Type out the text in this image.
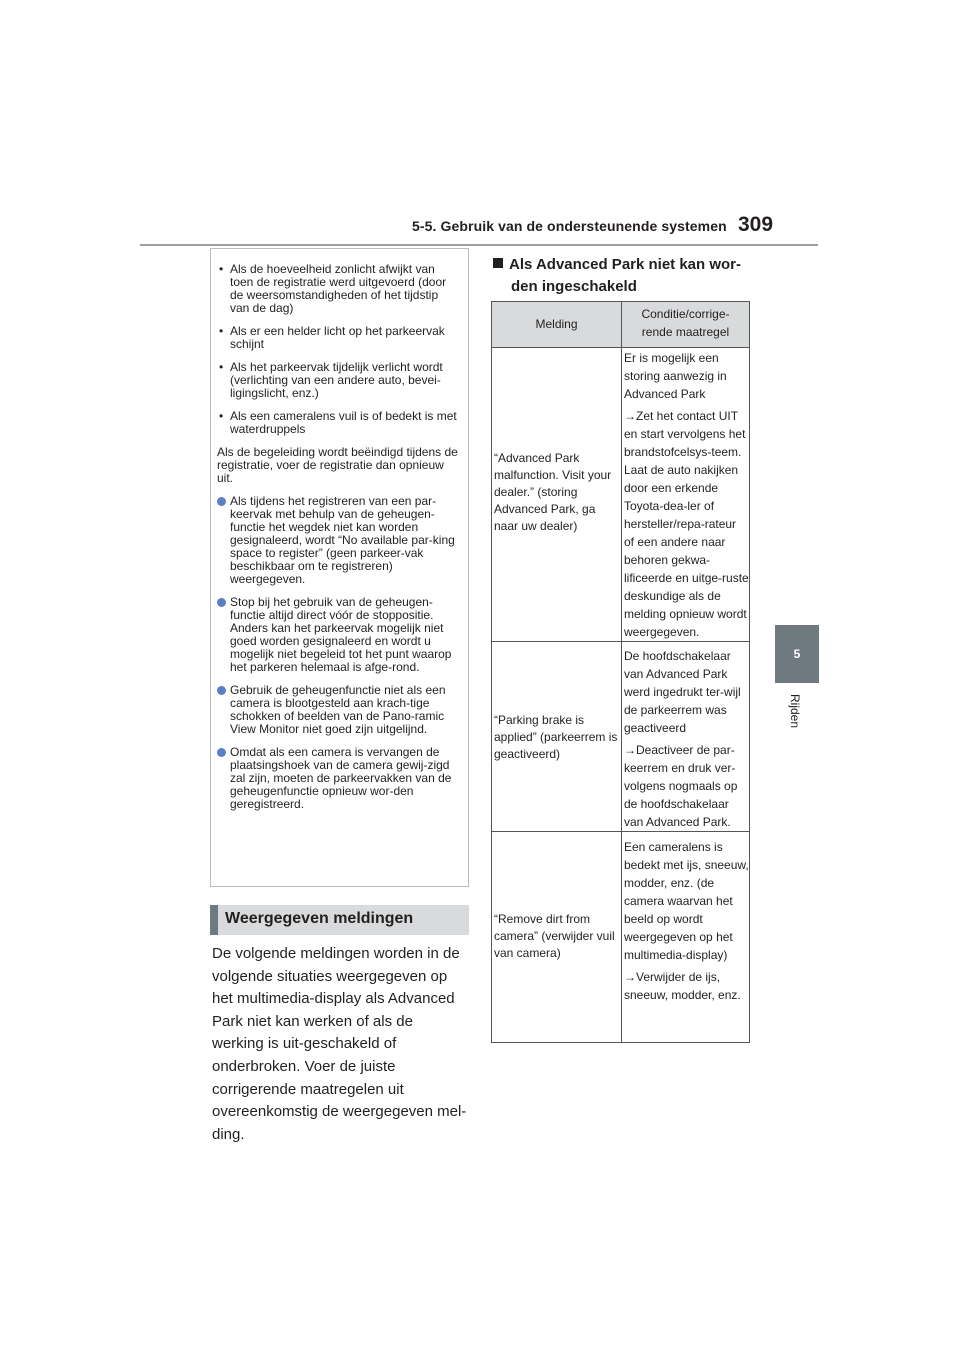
5-5. Gebruik van de ondersteunende systemen 309
5
Rijden
• Als de hoeveelheid zonlicht afwijkt van toen de registratie werd uitgevoerd (door de weersomstandigheden of het tijdstip van de dag)
• Als er een helder licht op het parkeervak schijnt
• Als het parkeervak tijdelijk verlicht wordt (verlichting van een andere auto, bevei-ligingslicht, enz.)
• Als een cameralens vuil is of bedekt is met waterdruppels

Als de begeleiding wordt beëindigd tijdens de registratie, voer de registratie dan opnieuw uit.

Als tijdens het registreren van een par-keervak met behulp van de geheugen-functie het wegdek niet kan worden gesignaleerd, wordt “No available par-king space to register” (geen parkeer-vak beschikbaar om te registreren) weergegeven.
Stop bij het gebruik van de geheugen-functie altijd direct vóór de stoppositie. Anders kan het parkeervak mogelijk niet goed worden gesignaleerd en wordt u mogelijk niet begeleid tot het punt waarop het parkeren helemaal is afge-rond.
Gebruik de geheugenfunctie niet als een camera is blootgesteld aan krach-tige schokken of beelden van de Pano-ramic View Monitor niet goed zijn uitgelijnd.
Omdat als een camera is vervangen de plaatsingshoek van de camera gewij-zigd zal zijn, moeten de parkeervakken van de geheugenfunctie opnieuw wor-den geregistreerd.
Weergegeven meldingen
De volgende meldingen worden in de volgende situaties weergegeven op het multimedia-display als Advanced Park niet kan werken of als de werking is uit-geschakeld of onderbroken. Voer de juiste corrigerende maatregelen uit overeenkomstig de weergegeven mel-ding.
Als Advanced Park niet kan wor-
den ingeschakeld
Melding
Conditie/corrige-
rende maatregel
“Advanced Park malfunction. Visit your dealer.” (storing Advanced Park, ga naar uw dealer)

Er is mogelijk een storing aanwezig in Advanced Park

→Zet het contact UIT en start vervolgens het brandstofcelsys-teem. Laat de auto nakijken door een erkende Toyota-dea-ler of hersteller/repa-rateur of een andere naar behoren gekwa-lificeerde en uitge-ruste deskundige als de melding opnieuw wordt weergegeven.

“Parking brake is applied” (parkeerrem is geactiveerd)

De hoofdschakelaar van Advanced Park werd ingedrukt ter-wijl de parkeerrem was geactiveerd

→Deactiveer de par-keerrem en druk ver-volgens nogmaals op de hoofdschakelaar van Advanced Park.

“Remove dirt from camera” (verwijder vuil van camera)

Een cameralens is bedekt met ijs, sneeuw, modder, enz. (de camera waarvan het beeld op wordt weergegeven op het multimedia-display)

→Verwijder de ijs, sneeuw, modder, enz.
